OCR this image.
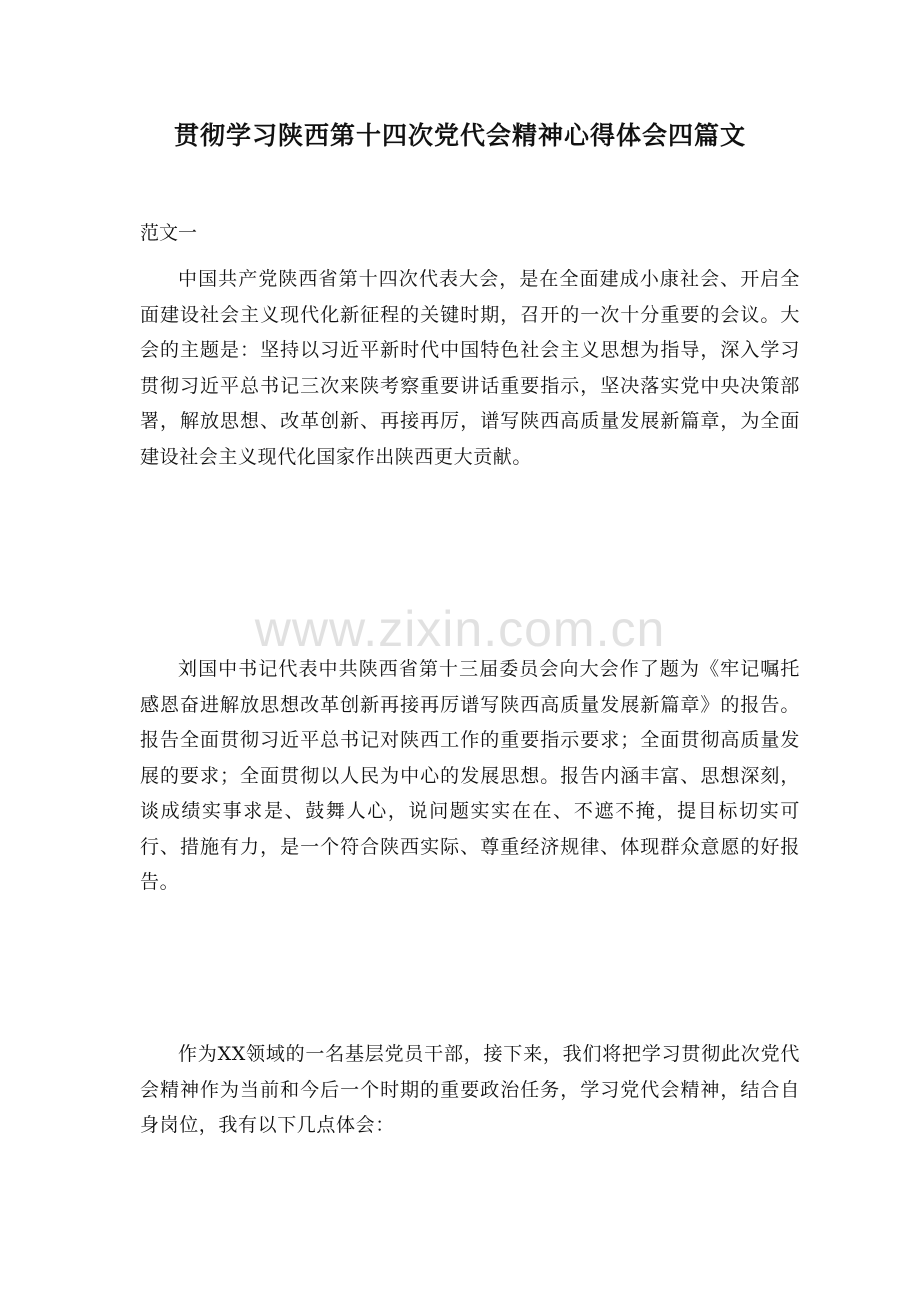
贯彻学习陕西第十四次党代会精神心得体会四篇文

范文一

中国共产党陕西省第十四次代表大会，是在全面建成小康社会、开启全面建设社会主义现代化新征程的关键时期，召开的一次十分重要的会议。大会的主题是：坚持以习近平新时代中国特色社会主义思想为指导，深入学习贯彻习近平总书记三次来陕考察重要讲话重要指示，坚决落实党中央决策部署，解放思想、改革创新、再接再厉，谱写陕西高质量发展新篇章，为全面建设社会主义现代化国家作出陕西更大贡献。

www.zixin.com.cn

刘国中书记代表中共陕西省第十三届委员会向大会作了题为《牢记嘱托感恩奋进解放思想改革创新再接再厉谱写陕西高质量发展新篇章》的报告。报告全面贯彻习近平总书记对陕西工作的重要指示要求；全面贯彻高质量发展的要求；全面贯彻以人民为中心的发展思想。报告内涵丰富、思想深刻，谈成绩实事求是、鼓舞人心，说问题实实在在、不遮不掩，提目标切实可行、措施有力，是一个符合陕西实际、尊重经济规律、体现群众意愿的好报告。

作为XX领域的一名基层党员干部，接下来，我们将把学习贯彻此次党代会精神作为当前和今后一个时期的重要政治任务，学习党代会精神，结合自身岗位，我有以下几点体会：
